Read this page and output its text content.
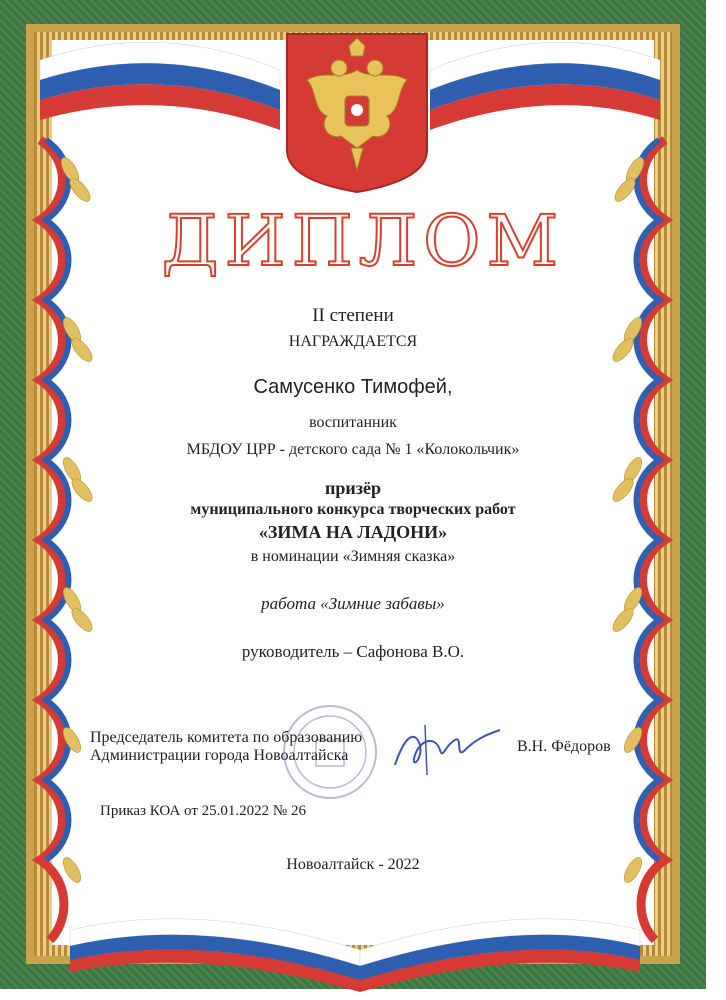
ДИПЛОМ
II степени
НАГРАЖДАЕТСЯ
Самусенко Тимофей,
воспитанник
МБДОУ ЦРР - детского сада № 1 «Колокольчик»
призёр
муниципального конкурса творческих работ
«ЗИМА НА ЛАДОНИ»
в номинации «Зимняя сказка»
работа «Зимние забавы»
руководитель – Сафонова В.О.
Председатель комитета по образованию
Администрации города Новоалтайска
В.Н. Фёдоров
Приказ КОА от 25.01.2022 № 26
Новоалтайск - 2022
